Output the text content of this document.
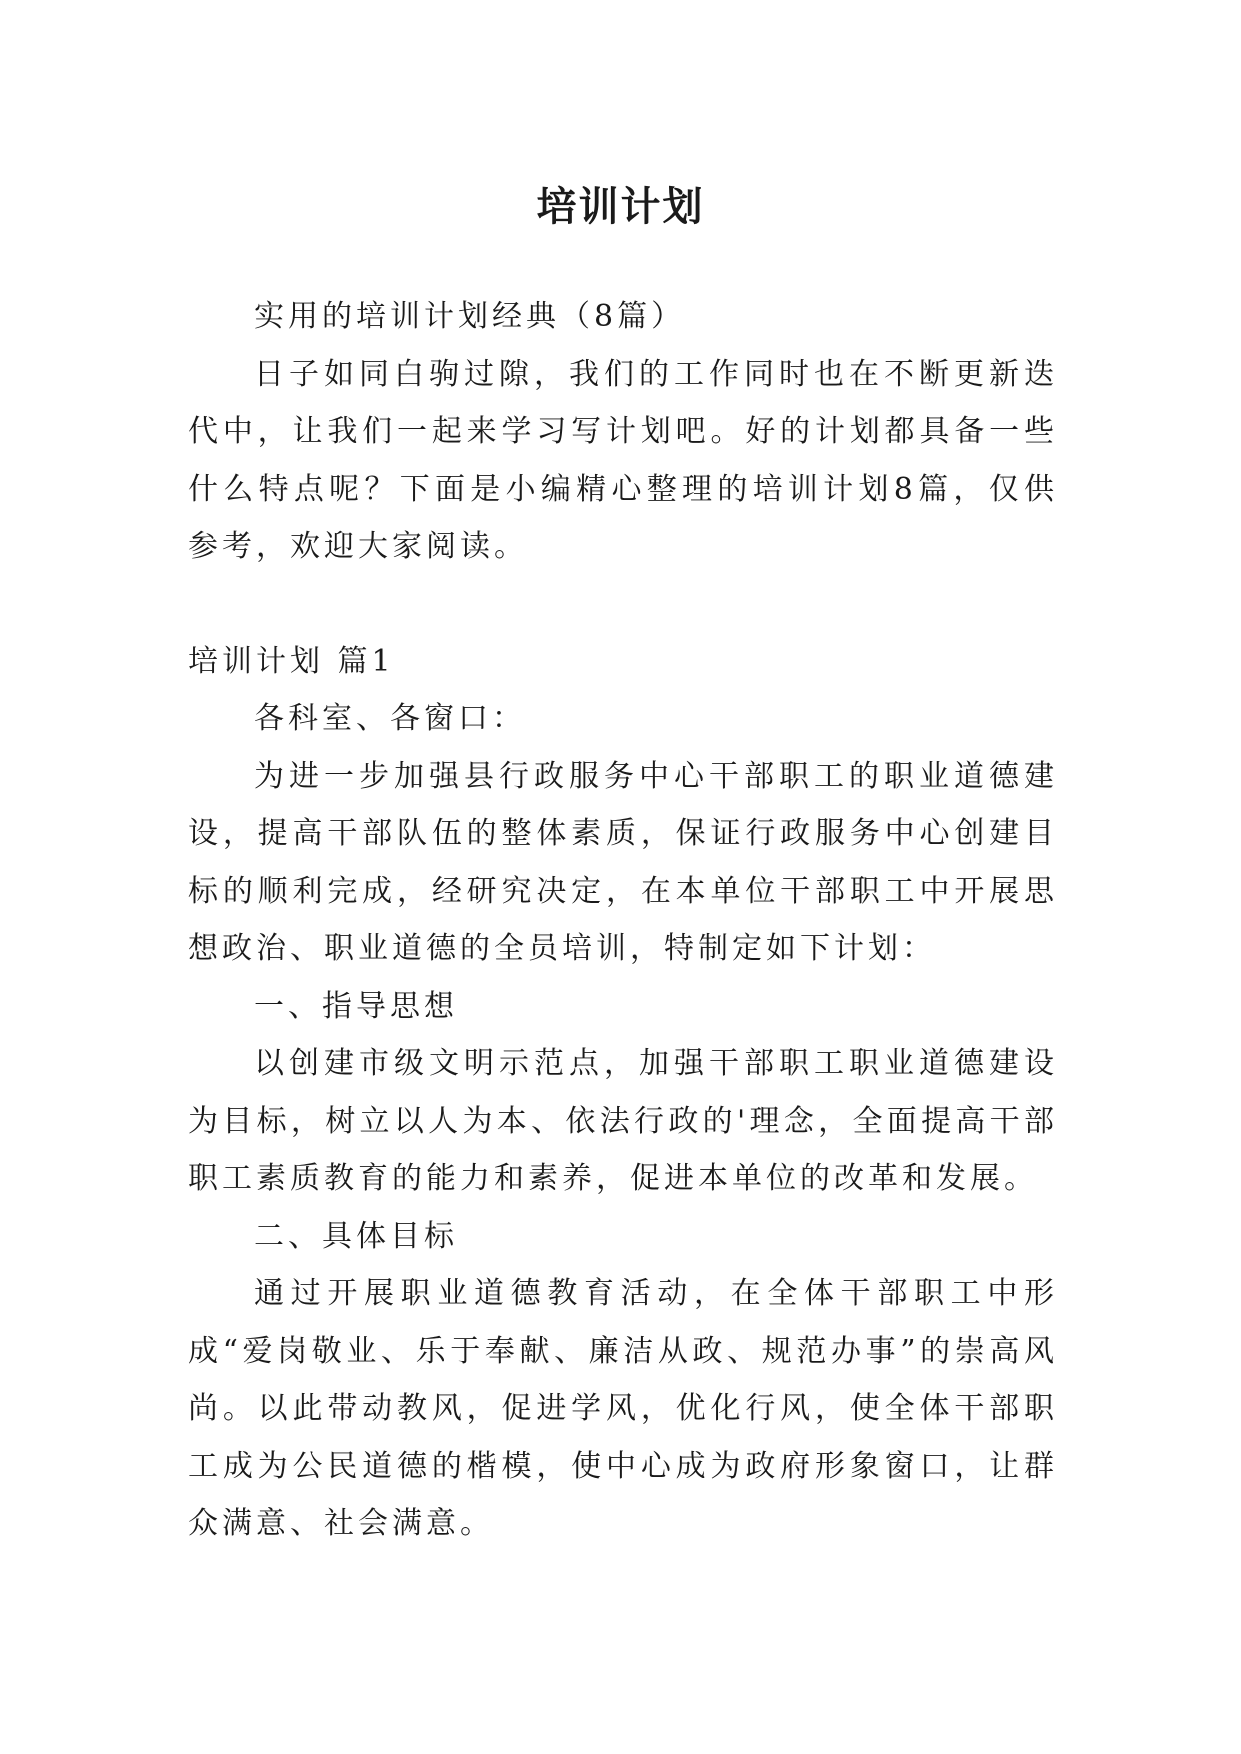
培训计划

实用的培训计划经典（8篇）

日子如同白驹过隙，我们的工作同时也在不断更新迭代中，让我们一起来学习写计划吧。好的计划都具备一些什么特点呢？下面是小编精心整理的培训计划8篇，仅供参考，欢迎大家阅读。

培训计划 篇1

各科室、各窗口：

为进一步加强县行政服务中心干部职工的职业道德建设，提高干部队伍的整体素质，保证行政服务中心创建目标的顺利完成，经研究决定，在本单位干部职工中开展思想政治、职业道德的全员培训，特制定如下计划：

一、指导思想

以创建市级文明示范点，加强干部职工职业道德建设为目标，树立以人为本、依法行政的'理念，全面提高干部职工素质教育的能力和素养，促进本单位的改革和发展。

二、具体目标

通过开展职业道德教育活动，在全体干部职工中形成“爱岗敬业、乐于奉献、廉洁从政、规范办事”的崇高风尚。以此带动教风，促进学风，优化行风，使全体干部职工成为公民道德的楷模，使中心成为政府形象窗口，让群众满意、社会满意。
